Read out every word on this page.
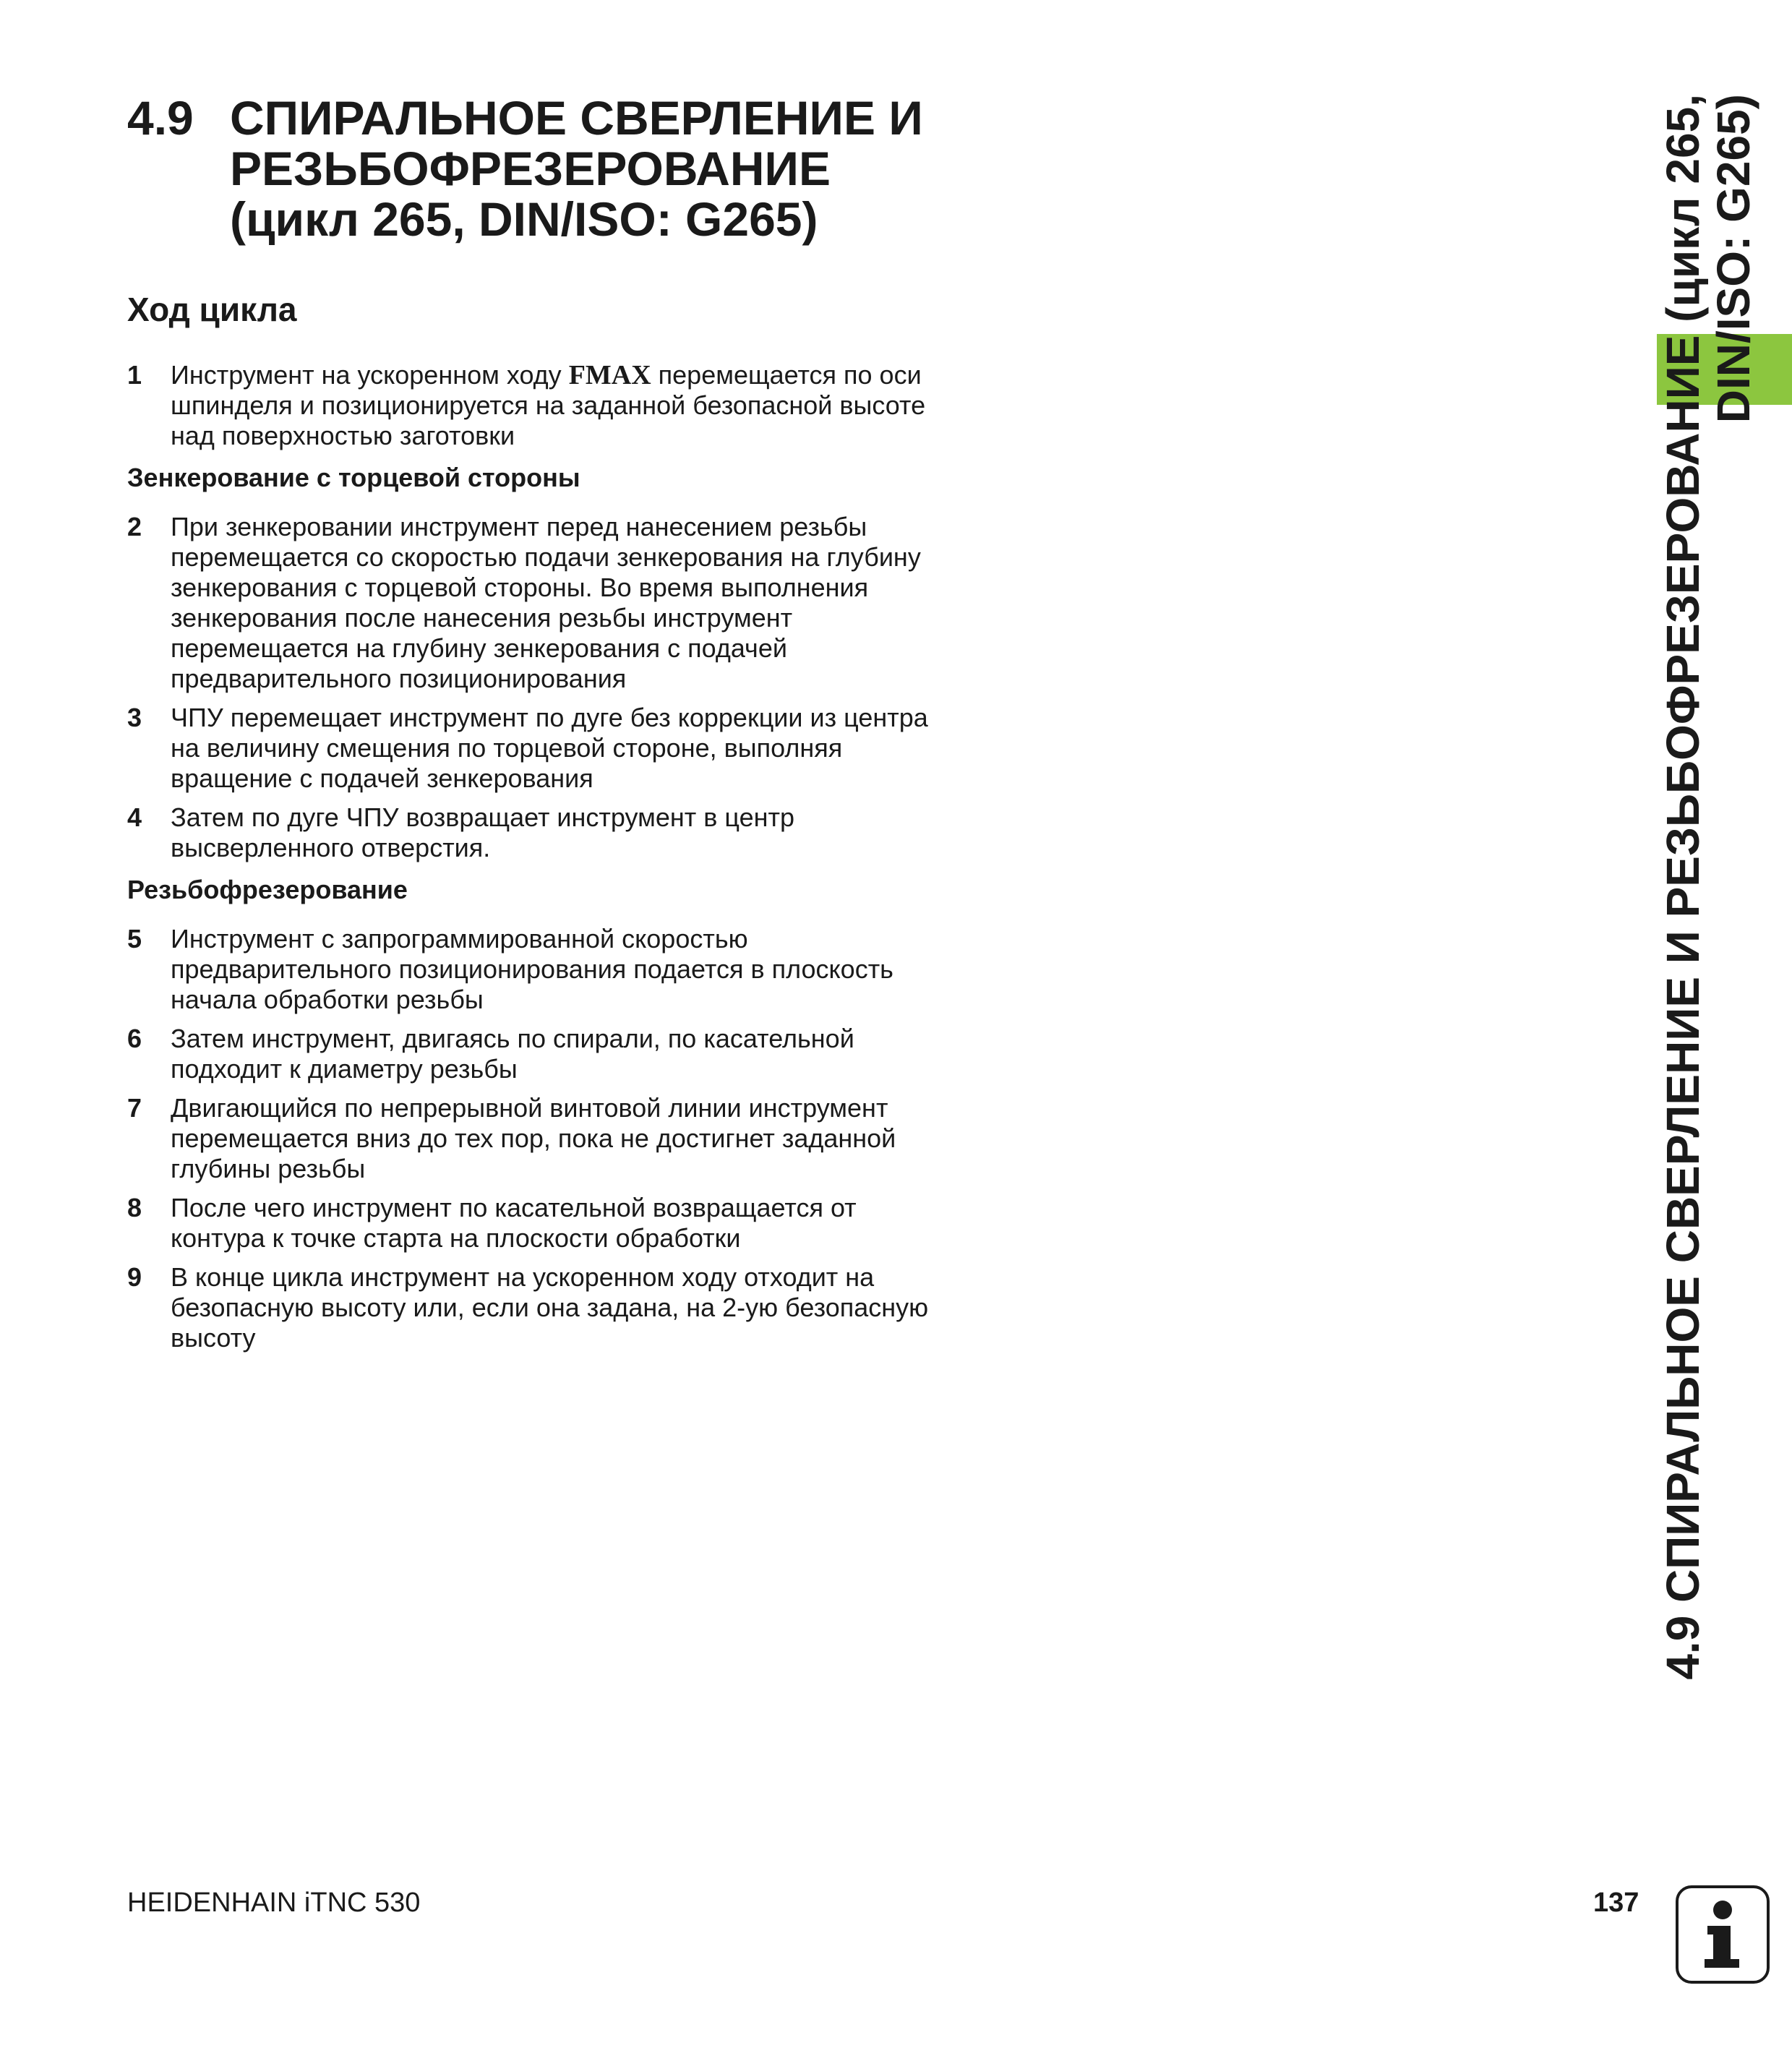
4.9 СПИРАЛЬНОЕ СВЕРЛЕНИЕ И
РЕЗЬБОФРЕЗЕРОВАНИЕ
(цикл 265, DIN/ISO: G265)
Ход цикла
1	Инструмент на ускоренном ходу FMAX перемещается по оси
шпинделя и позиционируется на заданной безопасной высоте
над поверхностью заготовки
Зенкерование с торцевой стороны
2	При зенкеровании инструмент перед нанесением резьбы
перемещается со скоростью подачи зенкерования на глубину
зенкерования с торцевой стороны. Во время выполнения
зенкерования после нанесения резьбы инструмент
перемещается на глубину зенкерования с подачей
предварительного позиционирования
3	ЧПУ перемещает инструмент по дуге без коррекции из центра
на величину смещения по торцевой стороне, выполняя
вращение с подачей зенкерования
4	Затем по дуге ЧПУ возвращает инструмент в центр
высверленного отверстия.
Резьбофрезерование
5	Инструмент с запрограммированной скоростью
предварительного позиционирования подается в плоскость
начала обработки резьбы
6	Затем инструмент, двигаясь по спирали, по касательной
подходит к диаметру резьбы
7	Двигающийся по непрерывной винтовой линии инструмент
перемещается вниз до тех пор, пока не достигнет заданной
глубины резьбы
8	После чего инструмент по касательной возвращается от
контура к точке старта на плоскости обработки
9	В конце цикла инструмент на ускоренном ходу отходит на
безопасную высоту или, если она задана, на 2-ую безопасную
высоту	4.9 СПИРАЛЬНОЕ СВЕРЛЕНИЕ И РЕЗЬБОФРЕЗЕРОВАНИЕ (цикл 265,
DIN/ISO: G265)
HEIDENHAIN iTNC 530	137
